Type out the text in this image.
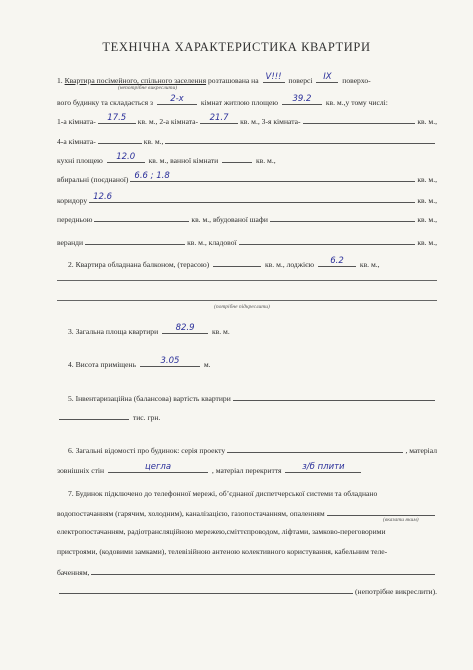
ТЕХНІЧНА ХАРАКТЕРИСТИКА КВАРТИРИ
1. Квартира посімейного, спільного заселення розташована на V!!! поверсі	IX	поверхо-
(непотрібне викреслити)
вого будинку та складається з	2-х	кімнат житлою площею	39.2	кв. м.,у тому числі:
1-а кімната-	17.5	кв. м., 2-а кімната-	21.7	кв. м., 3-я кімната-	кв. м.,
4-а кімната-	кв. м.,
кухні площею	12.0	кв. м., ванної кімнати	кв. м.,
вбиральні (поєднаної) 6.6 ; 1.8	кв. м.,
коридору 12.6	кв. м.,
передньою	кв. м., вбудованої шафи	кв. м.,
веранди	кв. м., кладової	кв. м.,
2. Квартира обладнана балконом, (терасою)	кв. м., лоджією	6.2	кв. м.,
(потрібне підкреслити)
3. Загальна площа квартири	82.9	кв. м.
4. Висота приміщень	3.05	м.
5. Інвентаризаційна (балансова) вартість квартири
тис. грн.
6. Загальні відомості про будинок: серія проекту	, матеріал
зовнішніх стін	цегла	, матеріал перекриття	з/б плити
7. Будинок підключено до телефонної мережі, об’єднаної диспетчерської системи та обладнано
водопостачанням (гарячим, холодним), каналізацією, газопостачанням, опаленням
(вказати яким)
електропостачанням, радіотрансляційною мережею,сміттєпроводом, ліфтами, замково-переговорими
пристроями, (кодовими замками), телевізійною антеною колективного користування, кабельним теле-
баченням,
(непотрібне викреслити).
